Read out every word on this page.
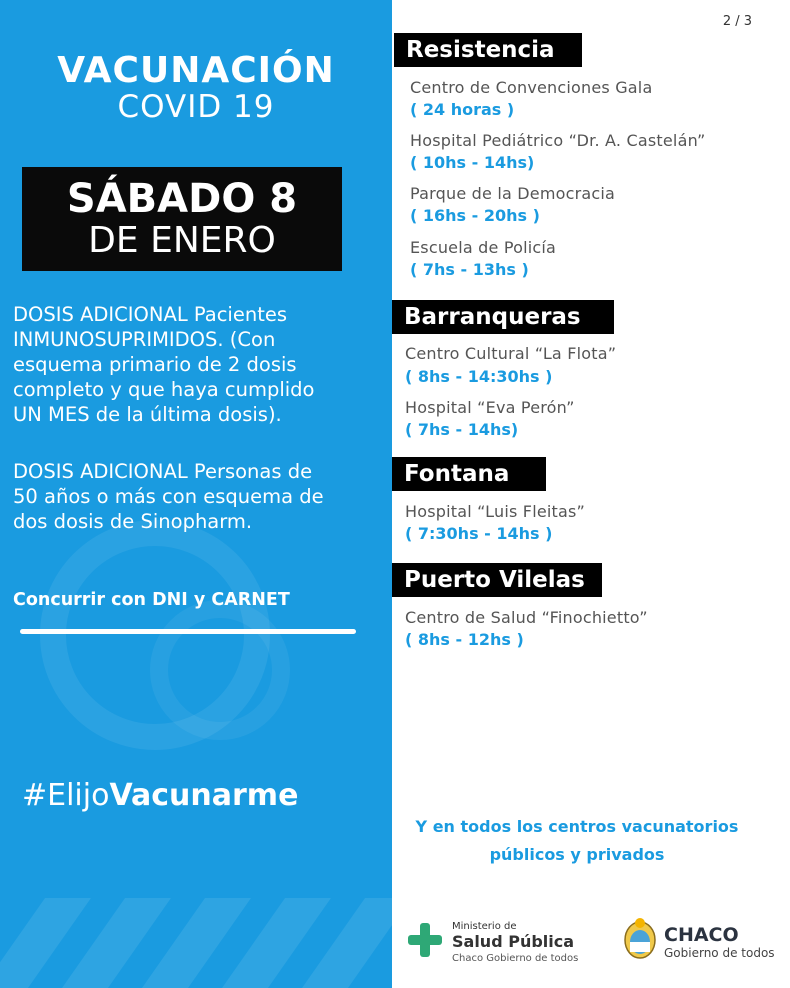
VACUNACIÓN
COVID 19
SÁBADO 8
DE ENERO
DOSIS ADICIONAL Pacientes
INMUNOSUPRIMIDOS. (Con
esquema primario de 2 dosis
completo y que haya cumplido
UN MES de la última dosis).
DOSIS ADICIONAL Personas de
50 años o más con esquema de
dos dosis de Sinopharm.
Concurrir con DNI y CARNET
#ElijoVacunarme
2 / 3
Resistencia
Centro de Convenciones Gala
( 24 horas )
Hospital Pediátrico “Dr. A. Castelán”
( 10hs - 14hs)
Parque de la Democracia
( 16hs - 20hs )
Escuela de Policía
( 7hs - 13hs )
Barranqueras
Centro Cultural “La Flota”
( 8hs - 14:30hs )
Hospital “Eva Perón”
( 7hs - 14hs)
Fontana
Hospital “Luis Fleitas”
( 7:30hs - 14hs )
Puerto Vilelas
Centro de Salud “Finochietto”
( 8hs - 12hs )
Y en todos los centros vacunatorios
públicos y privados
Ministerio de
Salud Pública
Chaco Gobierno de todos
CHACO
Gobierno de todos
